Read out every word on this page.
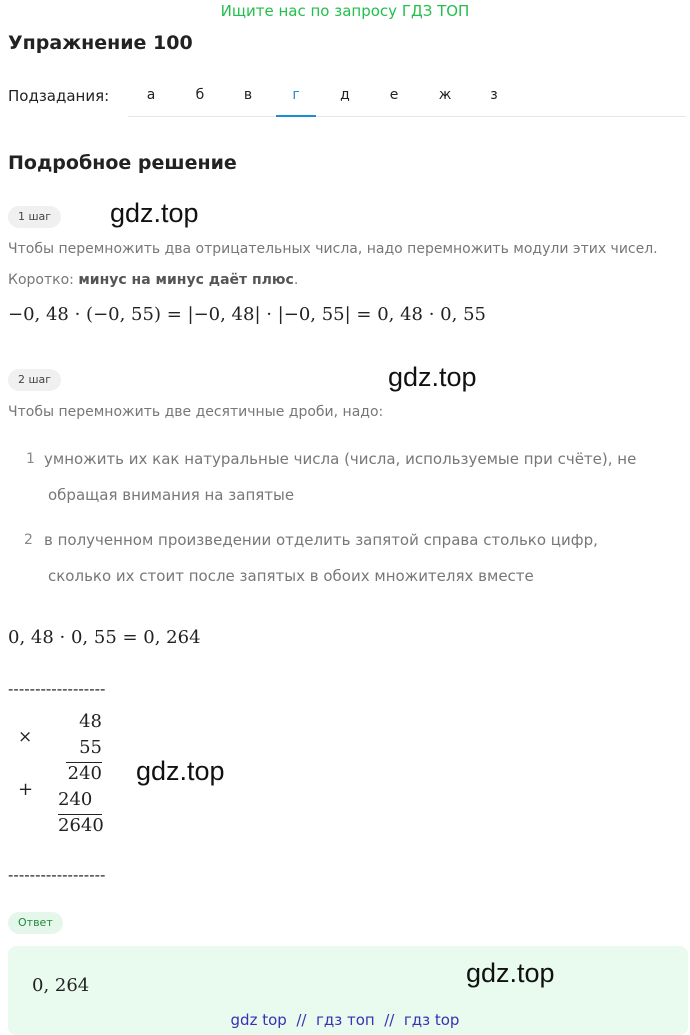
Ищите нас по запросу ГДЗ ТОП
Упражнение 100
Подзадания:	а	б	в	г	д	е	ж	з
Подробное решение
1 шаг	gdz.top
Чтобы перемножить два отрицательных числа, надо перемножить модули этих чисел.
Коротко: минус на минус даёт плюс.
−0, 48 · (−0, 55) = |−0, 48| · |−0, 55| = 0, 48 · 0, 55
2 шаг	gdz.top
Чтобы перемножить две десятичные дроби, надо:
1 умножить их как натуральные числа (числа, используемые при счёте), не
обращая внимания на запятые
2 в полученном произведении отделить запятой справа столько цифр,
сколько их стоит после запятых в обоих множителях вместе
0, 48 · 0, 55 = 0, 264
------------------
×
48
55
240
+ 240
2640
gdz.top
------------------
Ответ
0, 264	gdz.top
gdz top  //  гдз топ  //  гдз top
